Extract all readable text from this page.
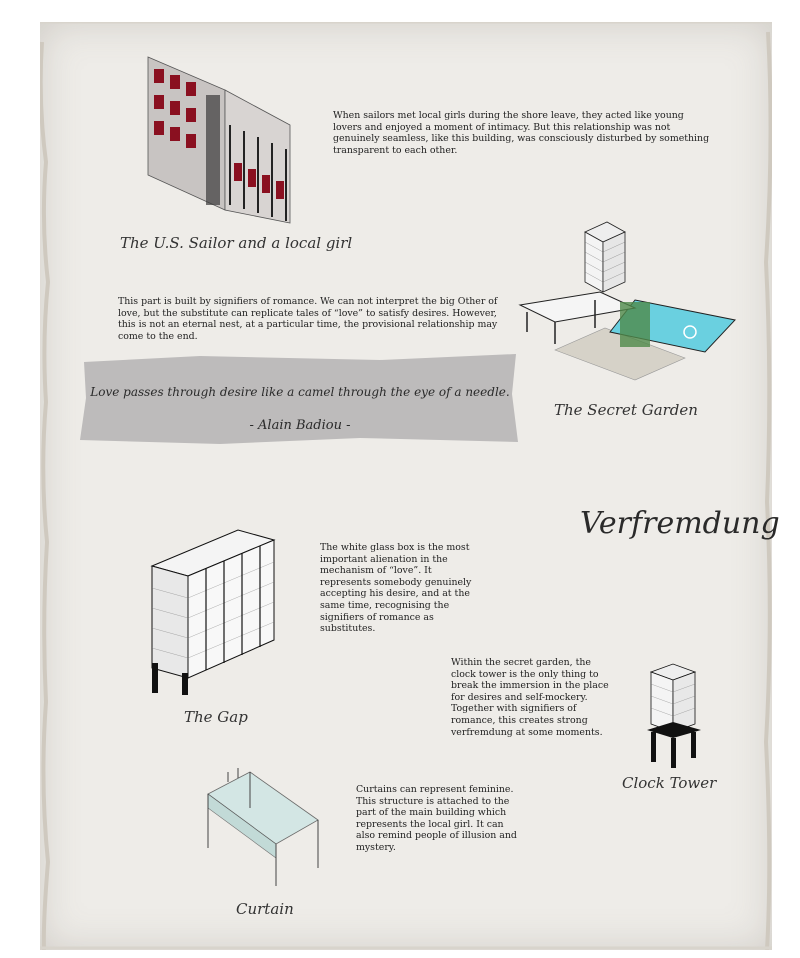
When sailors met local girls during the shore leave, they acted like young lovers and enjoyed a moment of intimacy. But this relationship was not genuinely seamless, like this building, was consciously disturbed by something transparent to each other.

The U.S. Sailor and a local girl

This part is built by signifiers of romance. We can not interpret the big Other of love, but the substitute can replicate tales of “love” to satisfy desires. However, this is not an eternal nest, at a particular time, the provisional relationship may come to the end.

The Secret Garden
Love passes through desire like a camel through the eye of a needle.
- Alain Badiou -
Verfremdung

The white glass box is the most important alienation in the mechanism of “love”. It represents somebody genuinely accepting his desire, and at the same time, recognising the signifiers of romance as substitutes.

The Gap

Within the secret garden, the clock tower is the only thing to break the immersion in the place for desires and self-mockery. Together with signifiers of romance, this creates strong verfremdung at some moments.

Clock Tower

Curtains can represent feminine. This structure is attached to the part of the main building which represents the local girl. It can also remind people of illusion and mystery.

Curtain
